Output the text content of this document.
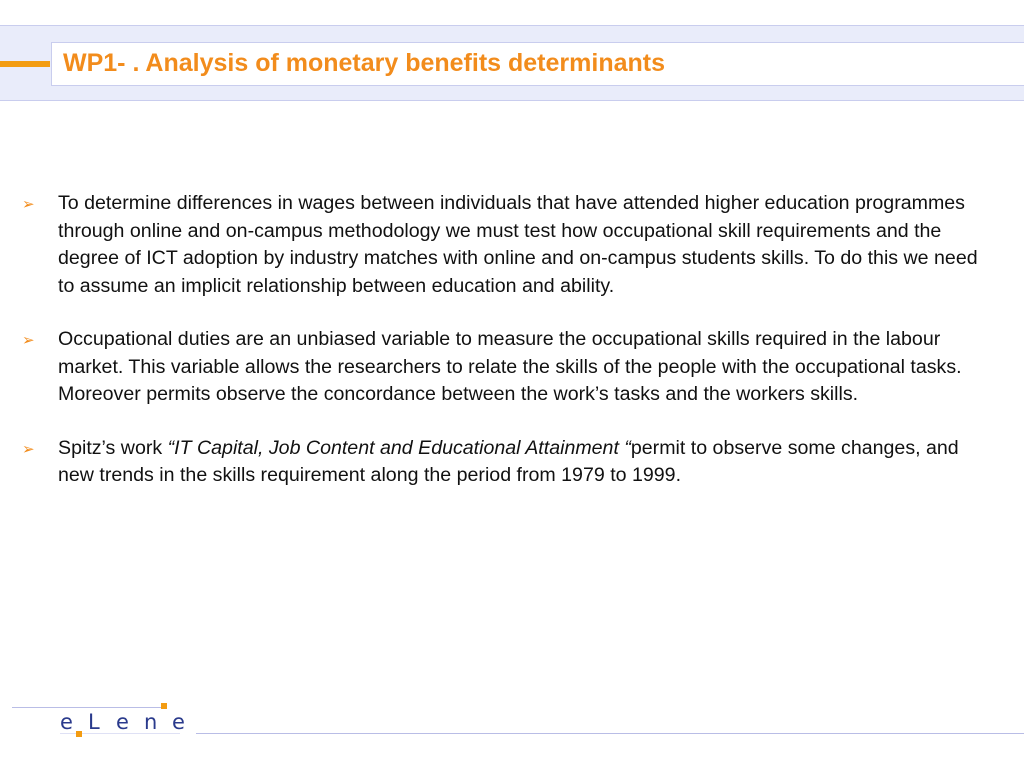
WP1- . Analysis of monetary benefits determinants
➢ To determine differences in wages between individuals that have attended higher education programmes through online and on-campus methodology we must test how occupational skill requirements and the degree of ICT adoption by industry matches with online and on-campus students skills. To do this we need to assume an implicit relationship between education and ability.
➢ Occupational duties are an unbiased variable to measure the occupational skills required in the labour market. This variable allows the researchers to relate the skills of the people with the occupational tasks. Moreover permits observe the concordance between the work’s tasks and the workers skills.
➢ Spitz’s work “IT Capital, Job Content and Educational Attainment “permit to observe some changes, and new trends in the skills requirement along the period from 1979 to 1999.
e L e n e
